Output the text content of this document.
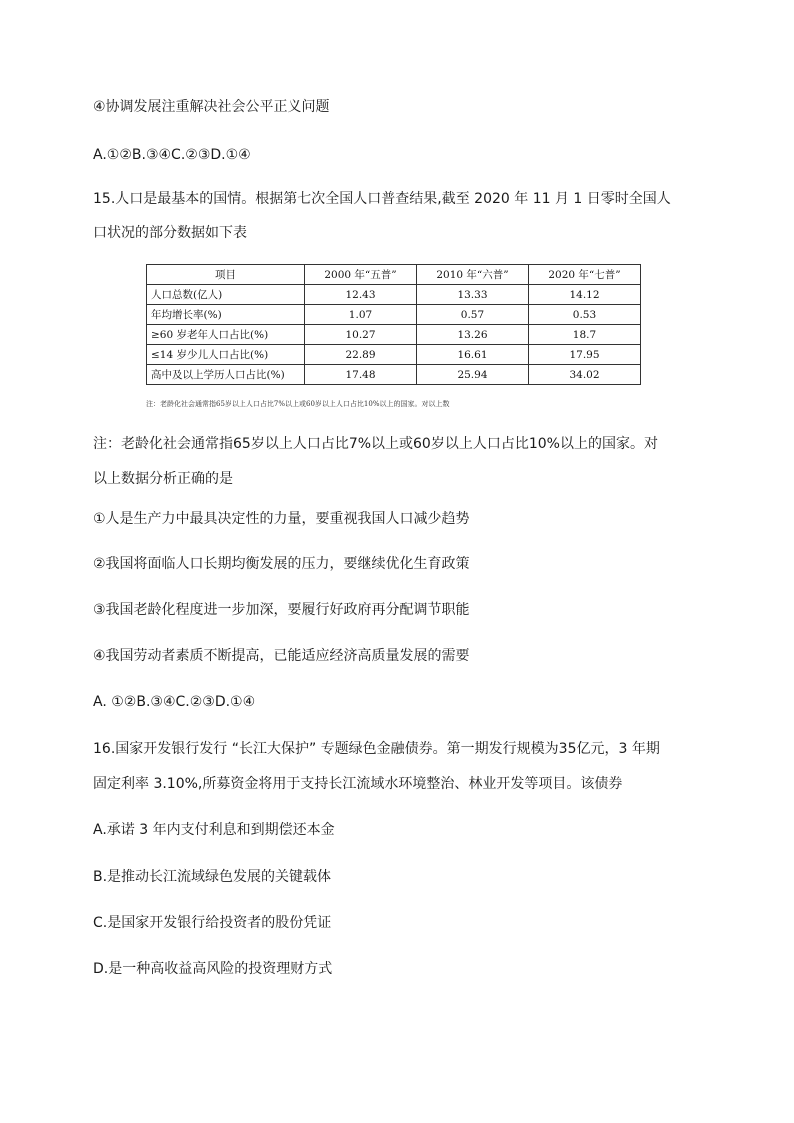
④协调发展注重解决社会公平正义问题
A.①②B.③④C.②③D.①④
15.人口是最基本的国情。根据第七次全国人口普查结果,截至 2020 年 11 月 1 日零时全国人
口状况的部分数据如下表
项目	2000 年“五普”	2010 年“六普”	2020 年“七普”
人口总数(亿人)	12.43	13.33	14.12
年均增长率(%)	1.07	0.57	0.53
≥60 岁老年人口占比(%)	10.27	13.26	18.7
≤14 岁少儿人口占比(%)	22.89	16.61	17.95
高中及以上学历人口占比(%)	17.48	25.94	34.02
注：老龄化社会通常指65岁以上人口占比7%以上或60岁以上人口占比10%以上的国家。对以上数
注：老龄化社会通常指65岁以上人口占比7%以上或60岁以上人口占比10%以上的国家。对
以上数据分析正确的是
①人是生产力中最具决定性的力量，要重视我国人口减少趋势
②我国将面临人口长期均衡发展的压力，要继续优化生育政策
③我国老龄化程度进一步加深，要履行好政府再分配调节职能
④我国劳动者素质不断提高，已能适应经济高质量发展的需要
A. ①②B.③④C.②③D.①④
16.国家开发银行发行 “长江大保护” 专题绿色金融债券。第一期发行规模为35亿元，3 年期
固定利率 3.10%,所募资金将用于支持长江流域水环境整治、林业开发等项目。该债券
A.承诺 3 年内支付利息和到期偿还本金
B.是推动长江流域绿色发展的关键载体
C.是国家开发银行给投资者的股份凭证
D.是一种高收益高风险的投资理财方式
